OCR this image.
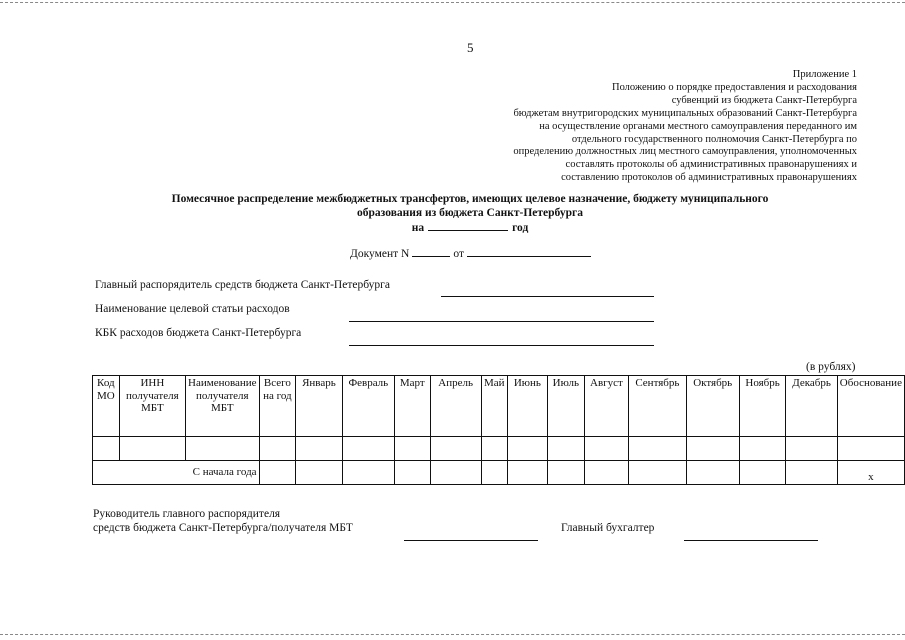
5
Приложение 1
Положению о порядке предоставления и расходования
субвенций из бюджета Санкт-Петербурга
бюджетам внутригородских муниципальных образований Санкт-Петербурга
на осуществление органами местного самоуправления переданного им
отдельного государственного полномочия Санкт-Петербурга по
определению должностных лиц местного самоуправления, уполномоченных
составлять протоколы об административных правонарушениях и
составлению протоколов об административных правонарушениях
Помесячное распределение межбюджетных трансфертов, имеющих целевое назначение, бюджету муниципального
образования из бюджета Санкт-Петербурга
на	год
Документ N	от
Главный распорядитель средств бюджета Санкт-Петербурга
Наименование целевой статьи расходов
КБК расходов бюджета Санкт-Петербурга
(в рублях)
Код МО	ИНН получателя МБТ	Наименование получателя МБТ	Всего на год	Январь	Февраль	Март	Апрель	Май	Июнь	Июль	Август	Сентябрь	Октябрь	Ноябрь	Декабрь	Обоснование

С начала года																x
Руководитель главного распорядителя
средств бюджета Санкт-Петербурга/получателя МБТ	Главный бухгалтер
